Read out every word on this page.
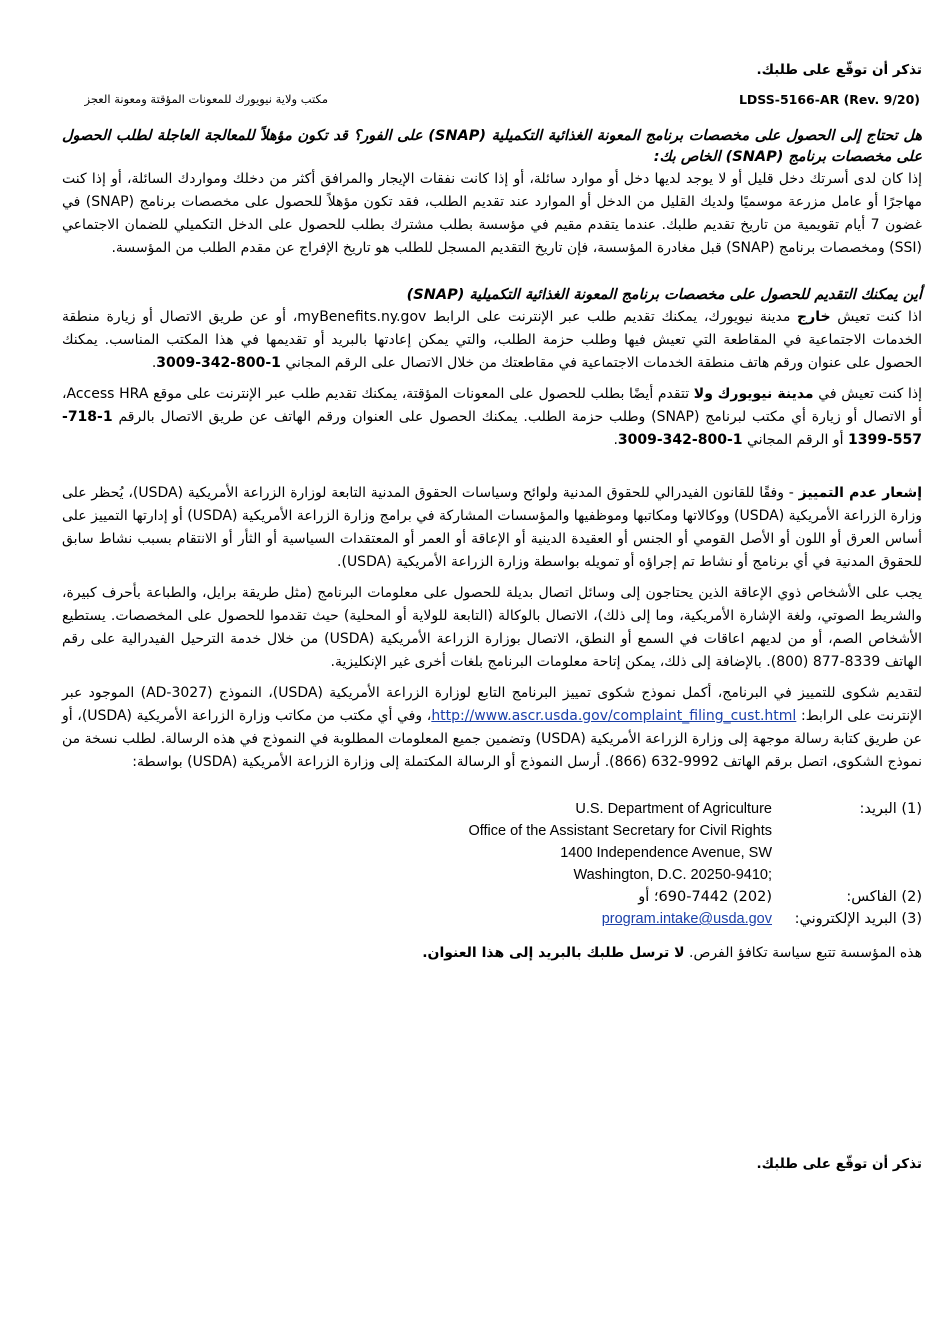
تذكر أن توقّع على طلبك.
مكتب ولاية نيويورك للمعونات المؤقتة ومعونة العجز	LDSS-5166-AR (Rev. 9/20)
هل تحتاج إلى الحصول على مخصصات برنامج المعونة الغذائية التكميلية (SNAP) على الفور؟ قد تكون مؤهلاً للمعالجة العاجلة لطلب الحصول على مخصصات برنامج (SNAP) الخاص بك:
إذا كان لدى أسرتك دخل قليل أو لا يوجد لديها دخل أو موارد سائلة، أو إذا كانت نفقات الإيجار والمرافق أكثر من دخلك ومواردك السائلة، أو إذا كنت مهاجرًا أو عامل مزرعة موسميًا ولديك القليل من الدخل أو الموارد عند تقديم الطلب، فقد تكون مؤهلاً للحصول على مخصصات برنامج (SNAP) في غضون 7 أيام تقويمية من تاريخ تقديم طلبك. عندما يتقدم مقيم في مؤسسة بطلب مشترك بطلب للحصول على الدخل التكميلي للضمان الاجتماعي (SSI) ومخصصات برنامج (SNAP) قبل مغادرة المؤسسة، فإن تاريخ التقديم المسجل للطلب هو تاريخ الإفراج عن مقدم الطلب من المؤسسة.
أين يمكنك التقديم للحصول على مخصصات برنامج المعونة الغذائية التكميلية (SNAP)
اذا كنت تعيش خارج مدينة نيويورك، يمكنك تقديم طلب عبر الإنترنت على الرابط myBenefits.ny.gov، أو عن طريق الاتصال أو زيارة منطقة الخدمات الاجتماعية في المقاطعة التي تعيش فيها وطلب حزمة الطلب، والتي يمكن إعادتها بالبريد أو تقديمها في هذا المكتب المناسب. يمكنك الحصول على عنوان ورقم هاتف منطقة الخدمات الاجتماعية في مقاطعتك من خلال الاتصال على الرقم المجاني 1-800-342-3009.
إذا كنت تعيش في مدينة نيويورك ولا تتقدم أيضًا بطلب للحصول على المعونات المؤقتة، يمكنك تقديم طلب عبر الإنترنت على موقع Access HRA، أو الاتصال أو زيارة أي مكتب لبرنامج (SNAP) وطلب حزمة الطلب. يمكنك الحصول على العنوان ورقم الهاتف عن طريق الاتصال بالرقم 1-718-557-1399 أو الرقم المجاني 1-800-342-3009.
إشعار عدم التمييز - وفقًا للقانون الفيدرالي للحقوق المدنية ولوائح وسياسات الحقوق المدنية التابعة لوزارة الزراعة الأمريكية (USDA)، يُحظر على وزارة الزراعة الأمريكية (USDA) ووكالاتها ومكاتبها وموظفيها والمؤسسات المشاركة في برامج وزارة الزراعة الأمريكية (USDA) أو إدارتها التمييز على أساس العرق أو اللون أو الأصل القومي أو الجنس أو العقيدة الدينية أو الإعاقة أو العمر أو المعتقدات السياسية أو الثأر أو الانتقام بسبب نشاط سابق للحقوق المدنية في أي برنامج أو نشاط تم إجراؤه أو تمويله بواسطة وزارة الزراعة الأمريكية (USDA).
يجب على الأشخاص ذوي الإعاقة الذين يحتاجون إلى وسائل اتصال بديلة للحصول على معلومات البرنامج (مثل طريقة برايل، والطباعة بأحرف كبيرة، والشريط الصوتي، ولغة الإشارة الأمريكية، وما إلى ذلك)، الاتصال بالوكالة (التابعة للولاية أو المحلية) حيث تقدموا للحصول على المخصصات. يستطيع الأشخاص الصم، أو من لديهم اعاقات في السمع أو النطق، الاتصال بوزارة الزراعة الأمريكية (USDA) من خلال خدمة الترحيل الفيدرالية على رقم الهاتف 8339-877 (800). بالإضافة إلى ذلك، يمكن إتاحة معلومات البرنامج بلغات أخرى غير الإنكليزية.
لتقديم شكوى للتمييز في البرنامج، أكمل نموذج شكوى تمييز البرنامج التابع لوزارة الزراعة الأمريكية (USDA)، النموذج (AD-3027) الموجود عبر الإنترنت على الرابط: http://www.ascr.usda.gov/complaint_filing_cust.html، وفي أي مكتب من مكاتب وزارة الزراعة الأمريكية (USDA)، أو عن طريق كتابة رسالة موجهة إلى وزارة الزراعة الأمريكية (USDA) وتضمين جميع المعلومات المطلوبة في النموذج في هذه الرسالة. لطلب نسخة من نموذج الشكوى، اتصل برقم الهاتف 9992-632 (866). أرسل النموذج أو الرسالة المكتملة إلى وزارة الزراعة الأمريكية (USDA) بواسطة:
(1) البريد:
U.S. Department of Agriculture
Office of the Assistant Secretary for Civil Rights
1400 Independence Avenue, SW
Washington, D.C. 20250-9410;
(2) الفاكس:
(202) 690-7442؛ أو
(3) البريد الإلكتروني:
program.intake@usda.gov
هذه المؤسسة تتبع سياسة تكافؤ الفرص. لا ترسل طلبك بالبريد إلى هذا العنوان.
تذكر أن توقّع على طلبك.
